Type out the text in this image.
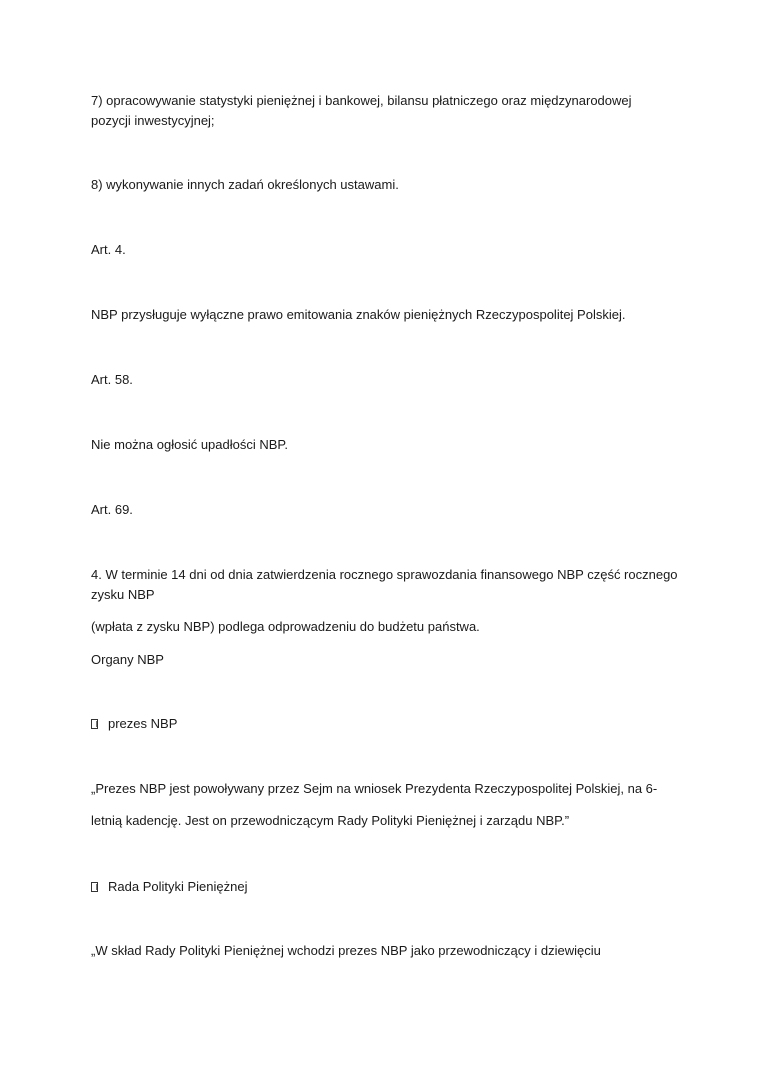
7) opracowywanie statystyki pieniężnej i bankowej, bilansu płatniczego oraz międzynarodowej
pozycji inwestycyjnej;
8) wykonywanie innych zadań określonych ustawami.
Art. 4.
NBP przysługuje wyłączne prawo emitowania znaków pieniężnych Rzeczypospolitej Polskiej.
Art. 58.
Nie można ogłosić upadłości NBP.
Art. 69.
4. W terminie 14 dni od dnia zatwierdzenia rocznego sprawozdania finansowego NBP część rocznego
zysku NBP
(wpłata z zysku NBP) podlega odprowadzeniu do budżetu państwa.
Organy NBP
prezes NBP
„Prezes NBP jest powoływany przez Sejm na wniosek Prezydenta Rzeczypospolitej Polskiej, na 6-
letnią kadencję. Jest on przewodniczącym Rady Polityki Pieniężnej i zarządu NBP.”
Rada Polityki Pieniężnej
„W skład Rady Polityki Pieniężnej wchodzi prezes NBP jako przewodniczący i dziewięciu
